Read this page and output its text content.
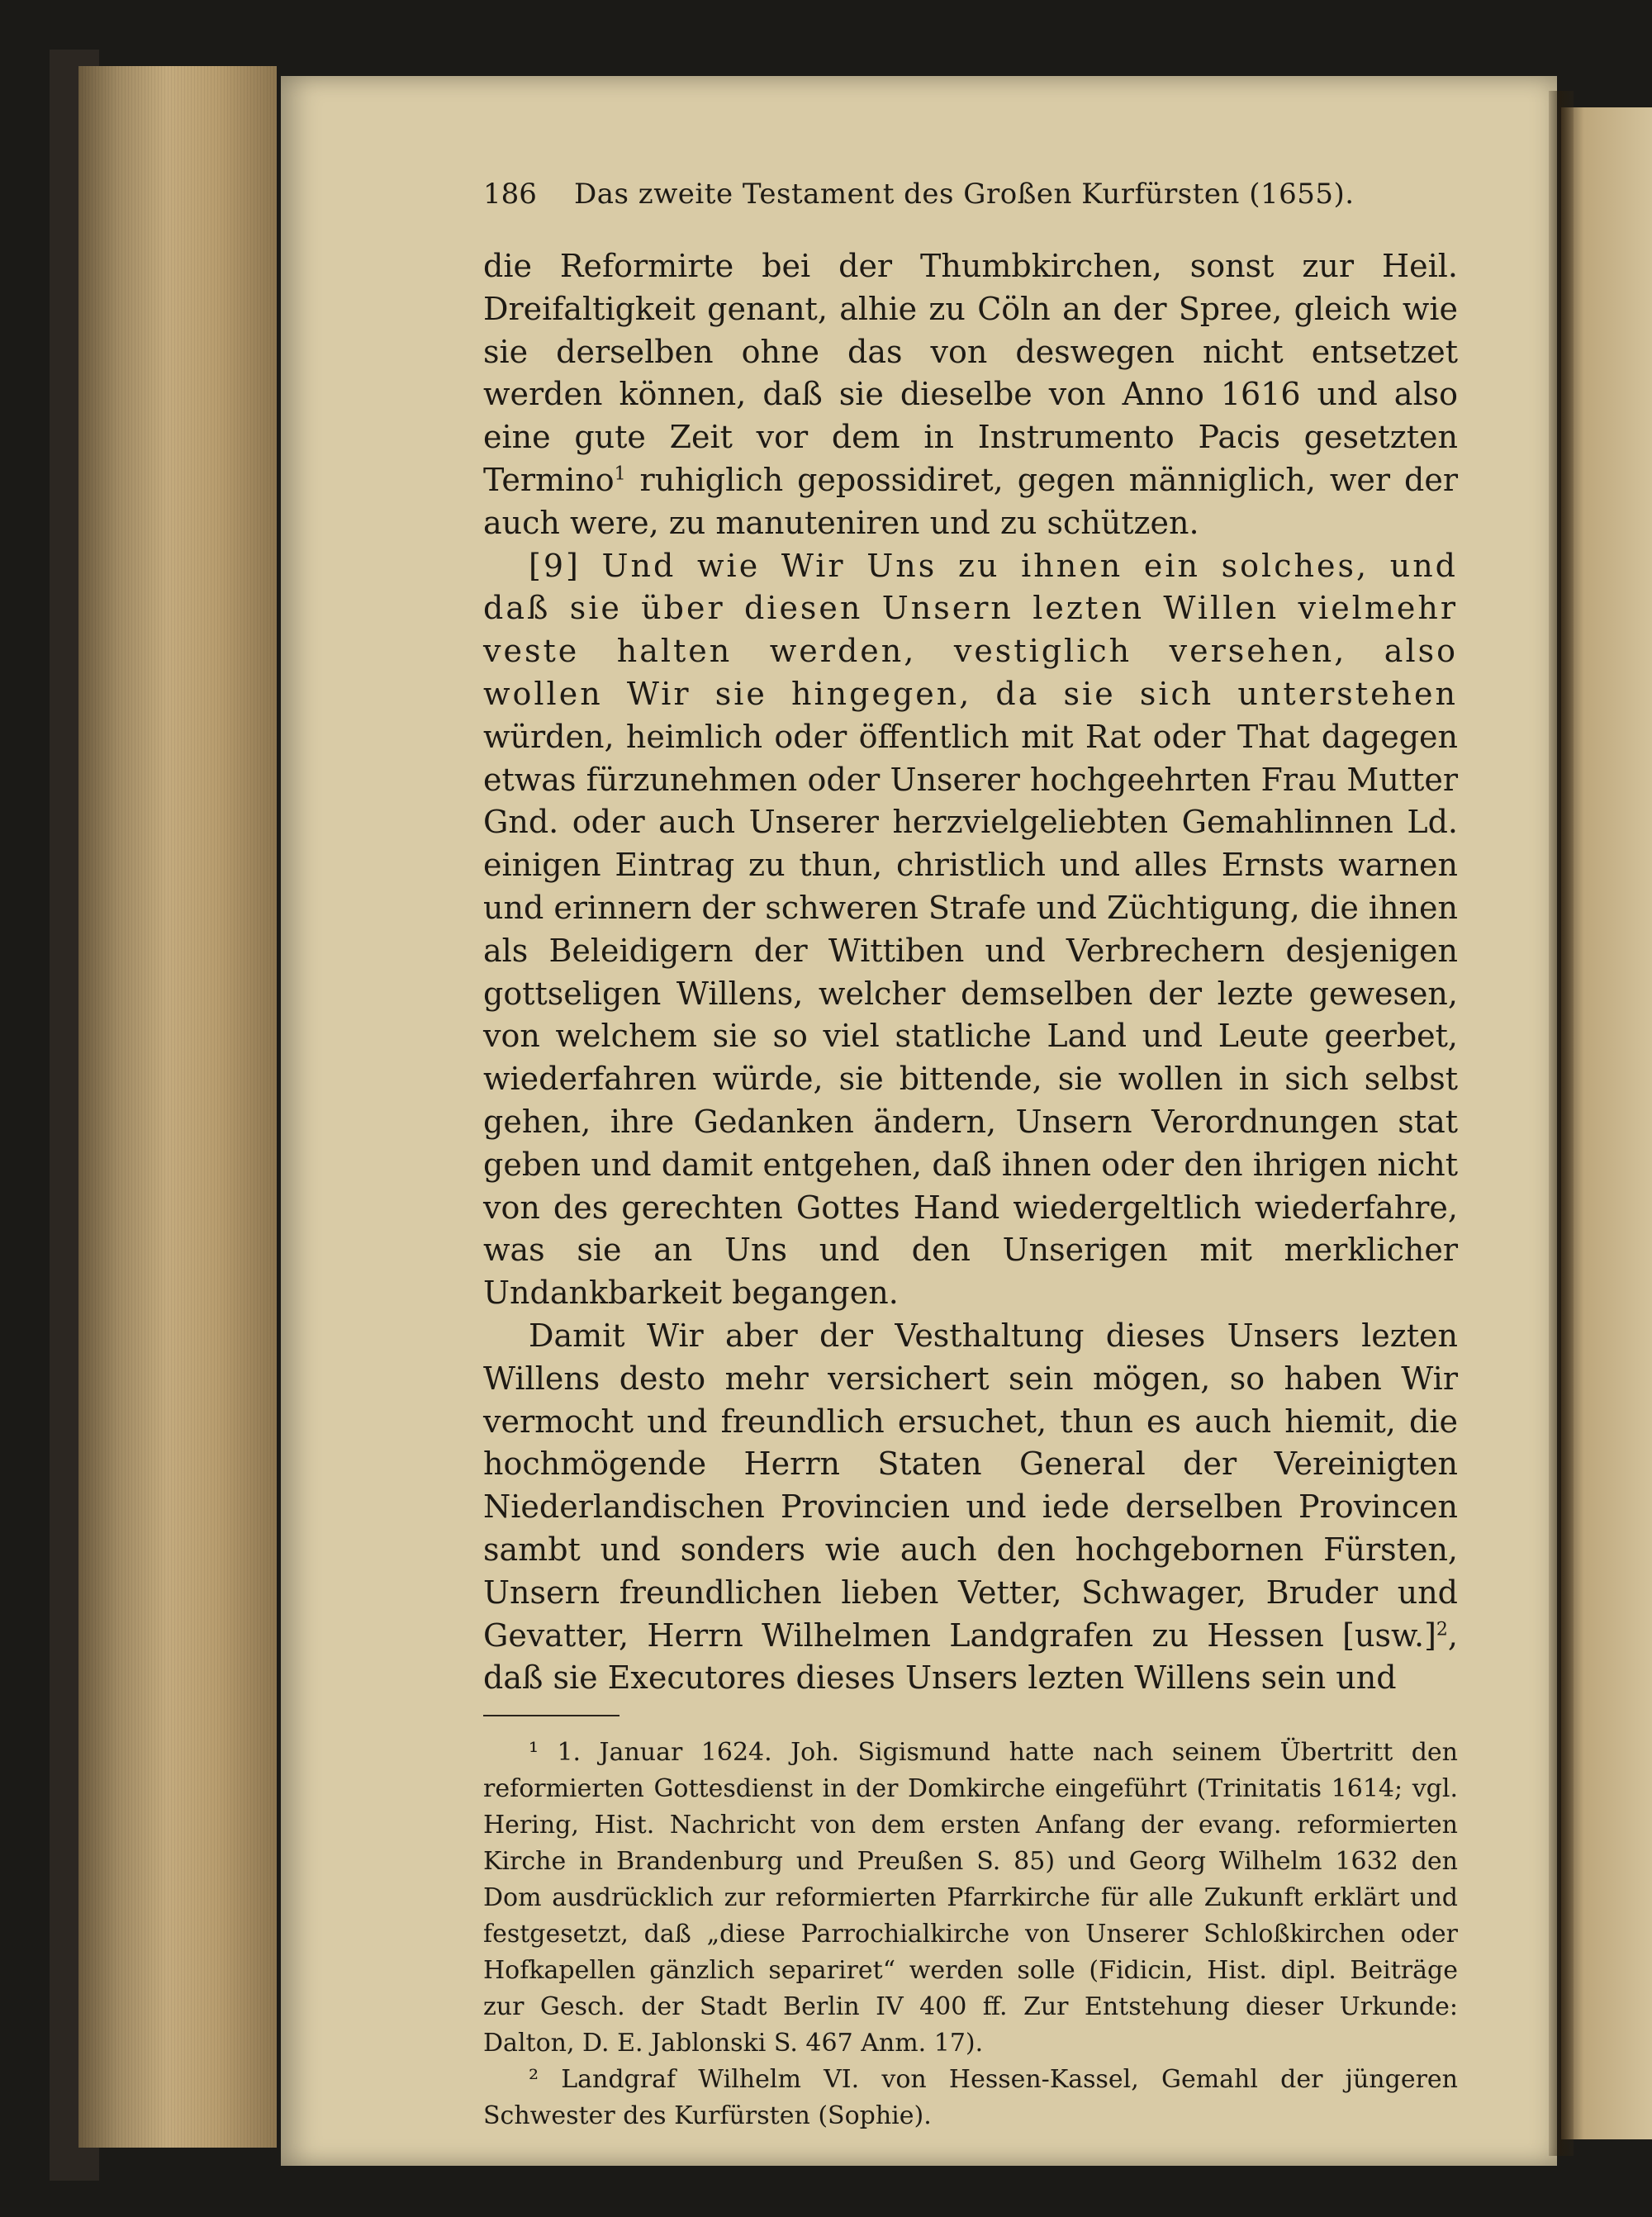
186	Das zweite Testament des Großen Kurfürsten (1655).

die Reformirte bei der Thumbkirchen, sonst zur Heil. Dreifaltigkeit genant, alhie zu Cöln an der Spree, gleich wie sie derselben ohne das von deswegen nicht entsetzet werden können, daß sie dieselbe von Anno 1616 und also eine gute Zeit vor dem in Instrumento Pacis gesetzten Termino$^1$ ruhiglich gepossidiret, gegen männiglich, wer der auch were, zu manuteniren und zu schützen.

[9] Und wie Wir Uns zu ihnen ein solches, und daß sie über diesen Unsern lezten Willen vielmehr veste halten werden, vestiglich versehen, also wollen Wir sie hingegen, da sie sich unterstehen würden, heimlich oder öffentlich mit Rat oder That dagegen etwas fürzunehmen oder Unserer hochgeehrten Frau Mutter Gnd. oder auch Unserer herzvielgeliebten Gemahlinnen Ld. einigen Eintrag zu thun, christlich und alles Ernsts warnen und erinnern der schweren Strafe und Züchtigung, die ihnen als Beleidigern der Wittiben und Verbrechern desjenigen gottseligen Willens, welcher demselben der lezte gewesen, von welchem sie so viel statliche Land und Leute geerbet, wiederfahren würde, sie bittende, sie wollen in sich selbst gehen, ihre Gedanken ändern, Unsern Verordnungen stat geben und damit entgehen, daß ihnen oder den ihrigen nicht von des gerechten Gottes Hand wiedergeltlich wiederfahre, was sie an Uns und den Unserigen mit merklicher Undankbarkeit begangen.

Damit Wir aber der Vesthaltung dieses Unsers lezten Willens desto mehr versichert sein mögen, so haben Wir vermocht und freundlich ersuchet, thun es auch hiemit, die hochmögende Herrn Staten General der Vereinigten Niederlandischen Provincien und iede derselben Provincen sambt und sonders wie auch den hochgebornen Fürsten, Unsern freundlichen lieben Vetter, Schwager, Bruder und Gevatter, Herrn Wilhelmen Landgrafen zu Hessen $[usw.]^2$, daß sie Executores dieses Unsers lezten Willens sein und

¹ 1. Januar 1624. Joh. Sigismund hatte nach seinem Übertritt den reformierten Gottesdienst in der Domkirche eingeführt (Trinitatis 1614; vgl. Hering, Hist. Nachricht von dem ersten Anfang der evang. reformierten Kirche in Brandenburg und Preußen S. 85) und Georg Wilhelm 1632 den Dom ausdrücklich zur reformierten Pfarrkirche für alle Zukunft erklärt und festgesetzt, daß „diese Parrochialkirche von Unserer Schloßkirchen oder Hofkapellen gänzlich separiret“ werden solle (Fidicin, Hist. dipl. Beiträge zur Gesch. der Stadt Berlin IV 400 ff. Zur Entstehung dieser Urkunde: Dalton, D. E. Jablonski S. 467 Anm. 17).

² Landgraf Wilhelm VI. von Hessen-Kassel, Gemahl der jüngeren Schwester des Kurfürsten (Sophie).
